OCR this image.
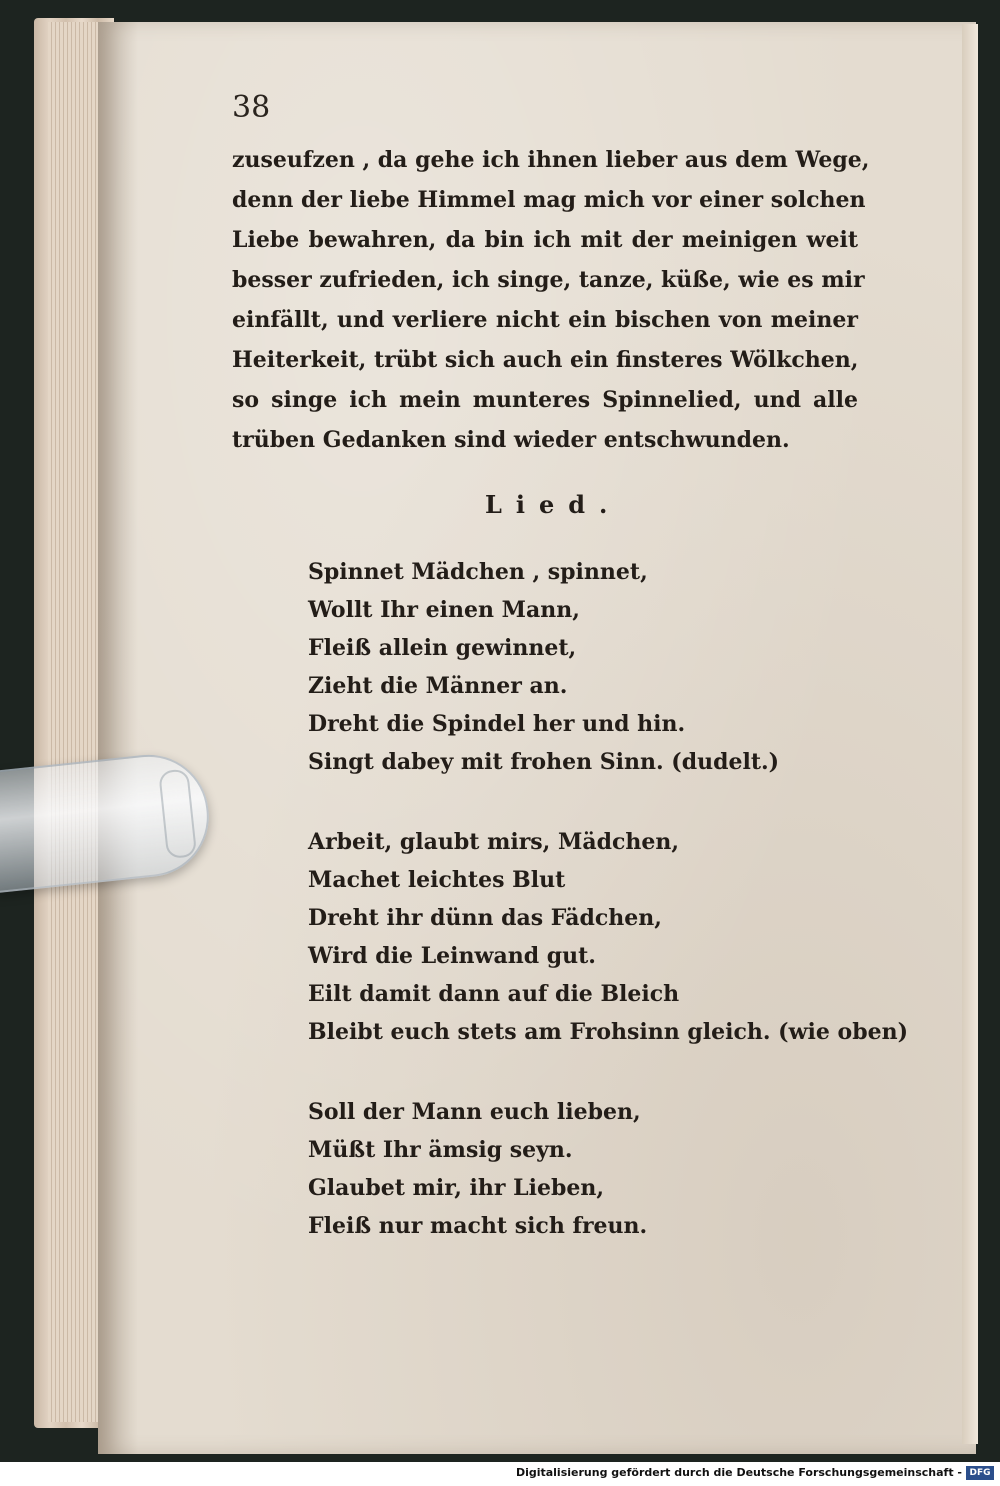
38
zuseufzen , da gehe ich ihnen lieber aus dem Wege,
denn der liebe Himmel mag mich vor einer solchen
Liebe bewahren, da bin ich mit der meinigen weit
besser zufrieden, ich singe, tanze, küße, wie es mir
einfällt, und verliere nicht ein bischen von meiner
Heiterkeit, trübt sich auch ein finsteres Wölkchen,
so singe ich mein munteres Spinnelied, und alle
trüben Gedanken sind wieder entschwunden.
Lied.
Spinnet Mädchen , spinnet,
Wollt Ihr einen Mann,
Fleiß allein gewinnet,
Zieht die Männer an.
Dreht die Spindel her und hin.
Singt dabey mit frohen Sinn. (dudelt.)
Arbeit, glaubt mirs, Mädchen,
Machet leichtes Blut
Dreht ihr dünn das Fädchen,
Wird die Leinwand gut.
Eilt damit dann auf die Bleich
Bleibt euch stets am Frohsinn gleich. (wie oben)
Soll der Mann euch lieben,
Müßt Ihr ämsig seyn.
Glaubet mir, ihr Lieben,
Fleiß nur macht sich freun.
Digitalisierung gefördert durch die Deutsche Forschungsgemeinschaft - DFG
